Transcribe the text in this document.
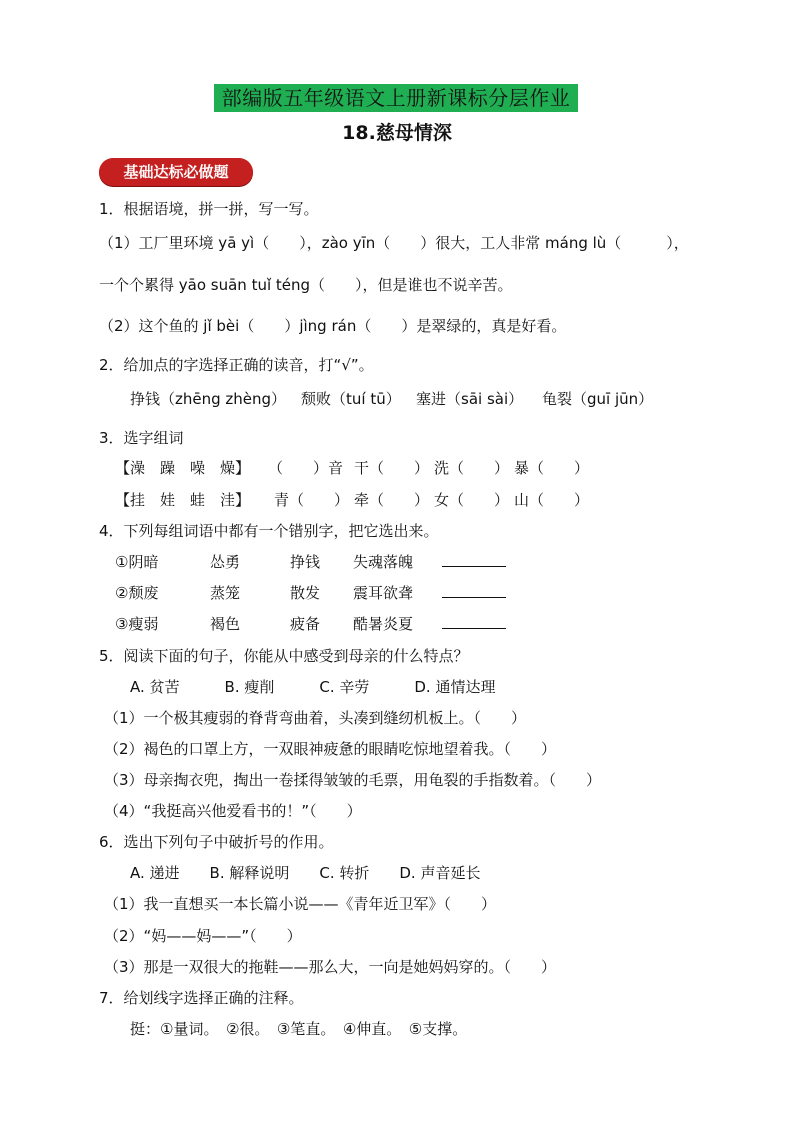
部编版五年级语文上册新课标分层作业
18.慈母情深
基础达标必做题
1．根据语境，拼一拼，写一写。
（1）工厂里环境 yā yì（　　），zào yīn（　　）很大，工人非常 máng lù（　　　），
一个个累得 yāo suān tuǐ téng（　　），但是谁也不说辛苦。
（2）这个鱼的 jǐ bèi（　　）jìng rán（　　）是翠绿的，真是好看。
2．给加点的字选择正确的读音，打“√”。
挣钱（zhēng zhèng） 颓败（tuí tū） 塞进（sāi sài） 龟裂（guī jūn）
3．选字组词
【澡　躁　噪　燥】 （　　）音 干（　　） 洗（　　） 暴（　　）
【挂　娃　蛙　洼】 青（　　） 牵（　　） 女（　　） 山（　　）
4．下列每组词语中都有一个错别字，把它选出来。
①阴暗	怂勇	挣钱 失魂落魄
②颓废	蒸笼	散发 震耳欲聋
③瘦弱	褐色	疲备 酷暑炎夏
5．阅读下面的句子，你能从中感受到母亲的什么特点？
A. 贫苦　　　B. 瘦削　　　C. 辛劳　　　D. 通情达理
（1）一个极其瘦弱的脊背弯曲着，头凑到缝纫机板上。（　　）
（2）褐色的口罩上方，一双眼神疲惫的眼睛吃惊地望着我。（　　）
（3）母亲掏衣兜，掏出一卷揉得皱皱的毛票，用龟裂的手指数着。（　　）
（4）“我挺高兴他爱看书的！”（　　）
6．选出下列句子中破折号的作用。
A. 递进　　B. 解释说明　　C. 转折　　D. 声音延长
（1）我一直想买一本长篇小说——《青年近卫军》（　　）
（2）“妈——妈——”（　　）
（3）那是一双很大的拖鞋——那么大，一向是她妈妈穿的。（　　）
7．给划线字选择正确的注释。
挺：①量词。　②很。　③笔直。　④伸直。　⑤支撑。
